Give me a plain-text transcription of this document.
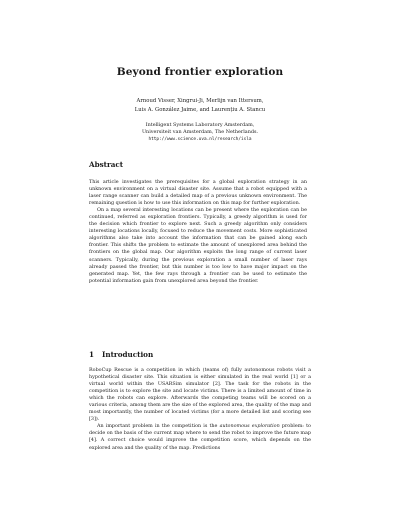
Beyond frontier exploration
Arnoud Visser, Xingrui-Ji, Merlijn van Ittersum,
Luis A. González Jaime, and Laurențiu A. Stancu
Intelligent Systems Laboratory Amsterdam,
Universiteit van Amsterdam, The Netherlands.
http://www.science.uva.nl/research/isla
Abstract

This article investigates the prerequisites for a global exploration strategy in an unknown environment on a virtual disaster site. Assume that a robot equipped with a laser range scanner can build a detailed map of a previous unknown environment. The remaining question is how to use this information on this map for further exploration.

On a map several interesting locations can be present where the exploration can be continued, referred as exploration frontiers. Typically, a greedy algorithm is used for the decision which frontier to explore next. Such a greedy algorithm only considers interesting locations locally, focused to reduce the movement costs. More sophisticated algorithms also take into account the information that can be gained along each frontier. This shifts the problem to estimate the amount of unexplored area behind the frontiers on the global map. Our algorithm exploits the long range of current laser scanners. Typically, during the previous exploration a small number of laser rays already passed the frontier, but this number is too low to have major impact on the generated map. Yet, the few rays through a frontier can be used to estimate the potential information gain from unexplored area beyond the frontier.

1 Introduction

RoboCup Rescue is a competition in which (teams of) fully autonomous robots visit a hypothetical disaster site. This situation is either simulated in the real world [1] or a virtual world within the USARSim simulator [2]. The task for the robots in the competition is to explore the site and locate victims. There is a limited amount of time in which the robots can explore. Afterwards the competing teams will be scored on a various criteria, among them are the size of the explored area, the quality of the map and most importantly, the number of located victims (for a more detailed list and scoring see [3]).

An important problem in the competition is the autonomous exploration problem: to decide on the basis of the current map where to send the robot to improve the future map [4]. A correct choice would improve the competition score, which depends on the explored area and the quality of the map. Predictions
